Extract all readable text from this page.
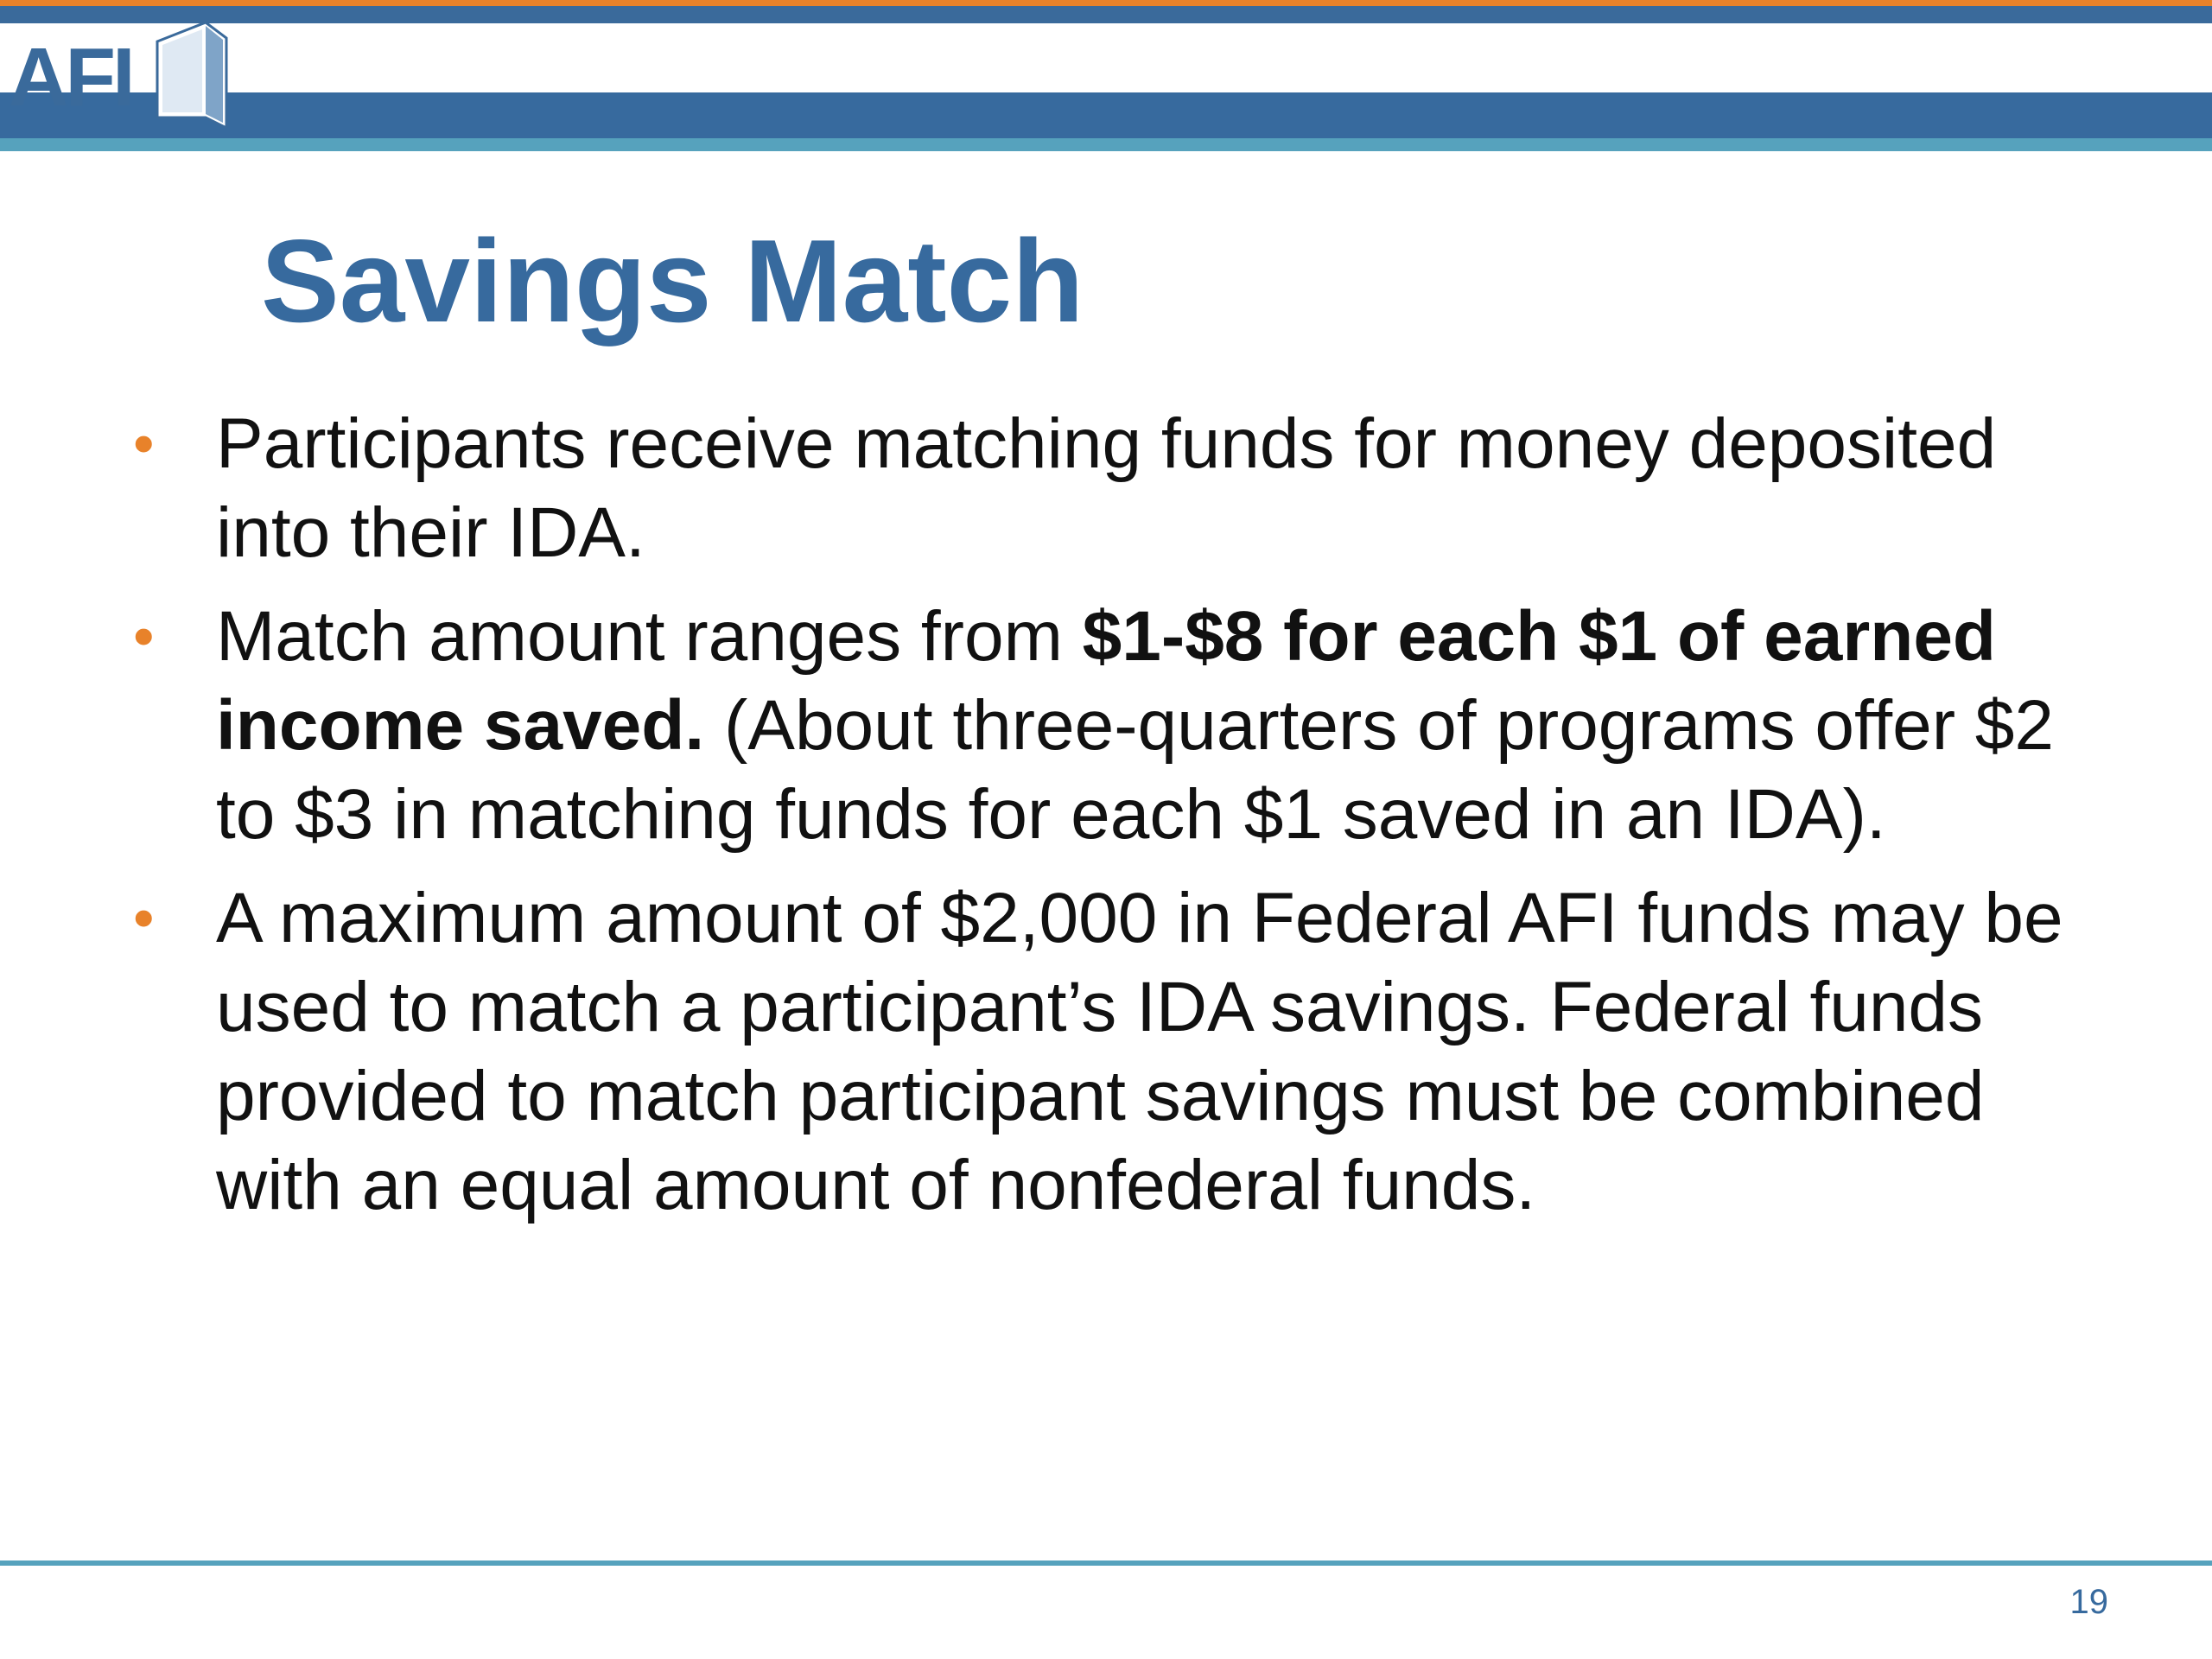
AFI
Savings Match
• Participants receive matching funds for money deposited into their IDA.
• Match amount ranges from $1-$8 for each $1 of earned income saved. (About three-quarters of programs offer $2 to $3 in matching funds for each $1 saved in an IDA).
• A maximum amount of $2,000 in Federal AFI funds may be used to match a participant’s IDA savings. Federal funds provided to match participant savings must be combined with an equal amount of nonfederal funds.
19
